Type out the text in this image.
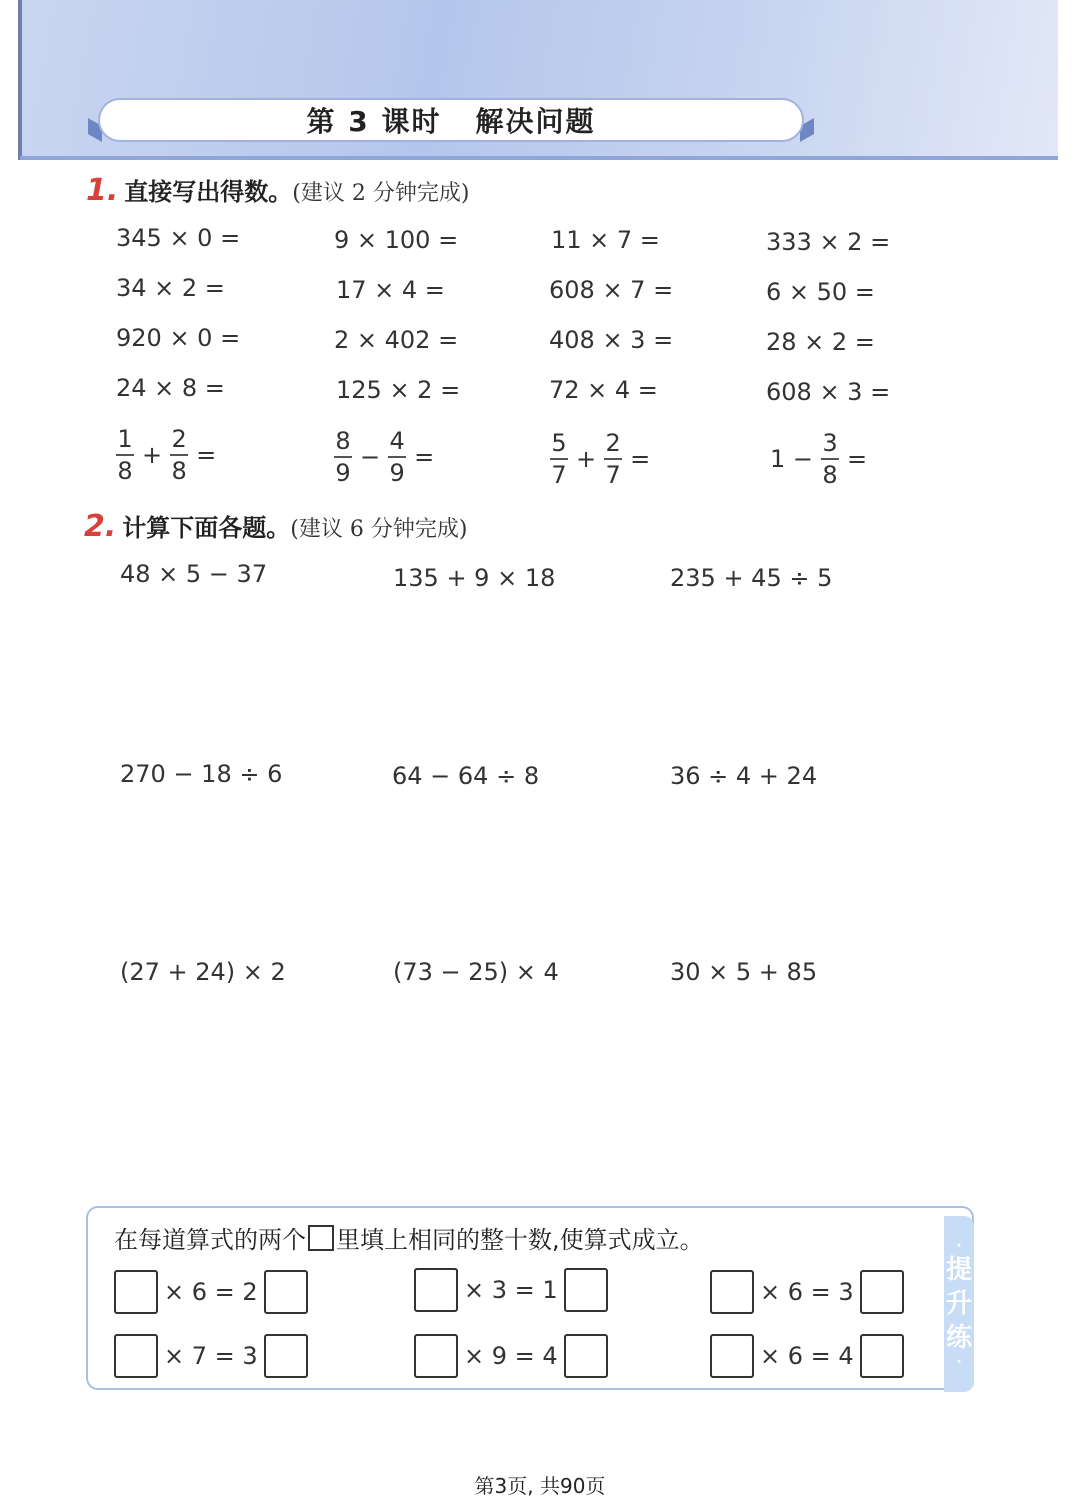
第 3 课时 解决问题
1. 直接写出得数。(建议 2 分钟完成)
345 × 0 =	9 × 100 =	11 × 7 =	333 × 2 =
34 × 2 =	17 × 4 =	608 × 7 =	6 × 50 =
920 × 0 =	2 × 402 =	408 × 3 =	28 × 2 =
24 × 8 =	125 × 2 =	72 × 4 =	608 × 3 =
$\frac{1}{8} + \frac{2}{8}$ =	$\frac{8}{9} - \frac{4}{9}$ =	$\frac{5}{7} + \frac{2}{7}$ =	$1 - \frac{3}{8}$ =
2. 计算下面各题。(建议 6 分钟完成)
48 × 5 − 37	135 + 9 × 18	235 + 45 ÷ 5
270 − 18 ÷ 6	64 − 64 ÷ 8	36 ÷ 4 + 24
(27 + 24) × 2	(73 − 25) × 4	30 × 5 + 85
在每道算式的两个 里填上相同的整十数,使算式成立。	·
提
升
练
·
× 6 = 2	× 3 = 1	× 6 = 3
× 7 = 3	× 9 = 4	× 6 = 4
第3页, 共90页
